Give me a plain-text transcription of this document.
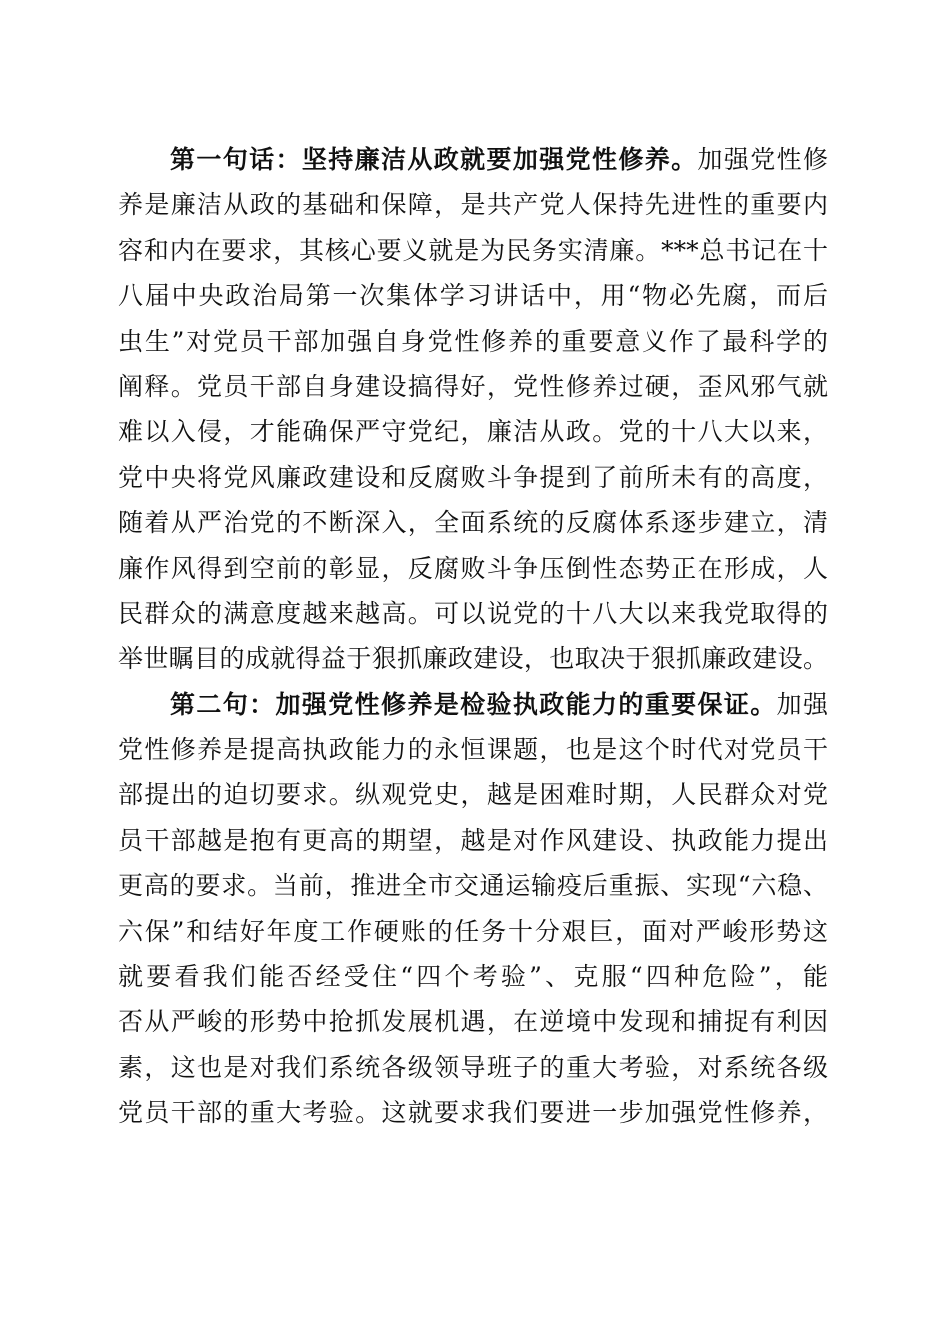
第一句话：坚持廉洁从政就要加强党性修养。加强党性修
养是廉洁从政的基础和保障，是共产党人保持先进性的重要内
容和内在要求，其核心要义就是为民务实清廉。***总书记在十
八届中央政治局第一次集体学习讲话中，用“物必先腐，而后
虫生”对党员干部加强自身党性修养的重要意义作了最科学的
阐释。党员干部自身建设搞得好，党性修养过硬，歪风邪气就
难以入侵，才能确保严守党纪，廉洁从政。党的十八大以来，
党中央将党风廉政建设和反腐败斗争提到了前所未有的高度，
随着从严治党的不断深入，全面系统的反腐体系逐步建立，清
廉作风得到空前的彰显，反腐败斗争压倒性态势正在形成，人
民群众的满意度越来越高。可以说党的十八大以来我党取得的
举世瞩目的成就得益于狠抓廉政建设，也取决于狠抓廉政建设。
第二句：加强党性修养是检验执政能力的重要保证。加强
党性修养是提高执政能力的永恒课题，也是这个时代对党员干
部提出的迫切要求。纵观党史，越是困难时期，人民群众对党
员干部越是抱有更高的期望，越是对作风建设、执政能力提出
更高的要求。当前，推进全市交通运输疫后重振、实现“六稳、
六保”和结好年度工作硬账的任务十分艰巨，面对严峻形势这
就要看我们能否经受住“四个考验”、克服“四种危险”，能
否从严峻的形势中抢抓发展机遇，在逆境中发现和捕捉有利因
素，这也是对我们系统各级领导班子的重大考验，对系统各级
党员干部的重大考验。这就要求我们要进一步加强党性修养，
